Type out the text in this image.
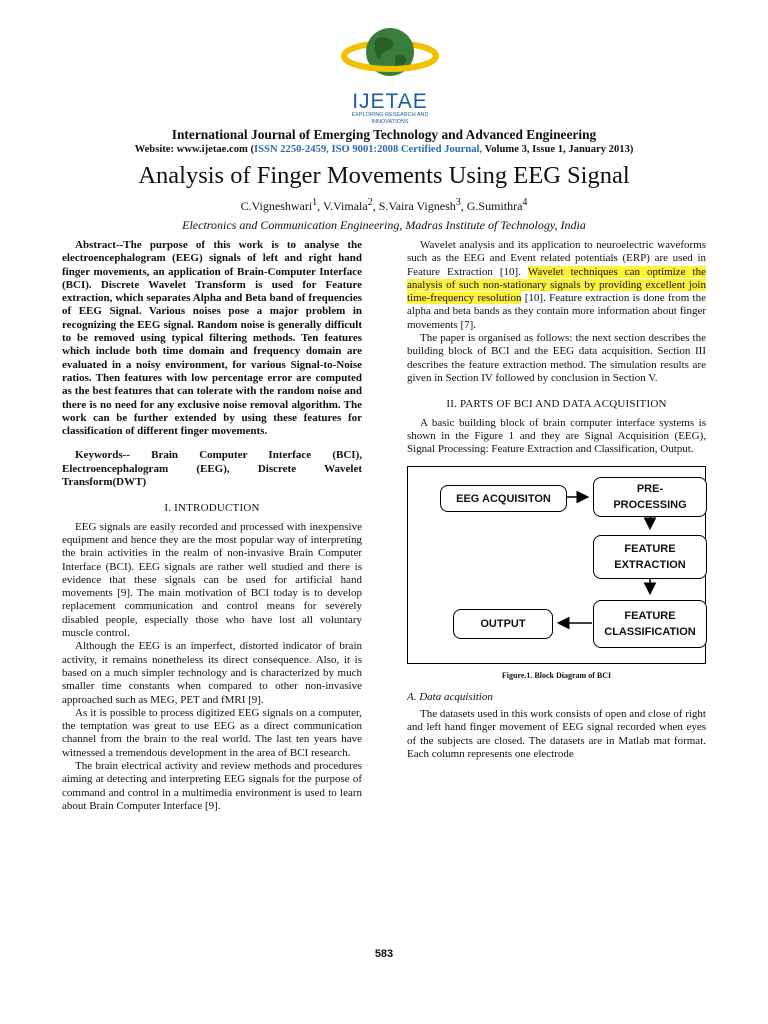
IJETAE
EXPLORING RESEARCH AND INNOVATIONS
International Journal of Emerging Technology and Advanced Engineering
Website: www.ijetae.com (ISSN 2250-2459, ISO 9001:2008 Certified Journal, Volume 3, Issue 1, January 2013)
Analysis of Finger Movements Using EEG Signal
C.Vigneshwari$^1$, V.Vimala$^2$, S.Vaira Vignesh$^3$, G.Sumithra$^4$
Electronics and Communication Engineering, Madras Institute of Technology, India

Abstract--The purpose of this work is to analyse the electroencephalogram (EEG) signals of left and right hand finger movements, an application of Brain-Computer Interface (BCI). Discrete Wavelet Transform is used for Feature extraction, which separates Alpha and Beta band of frequencies of EEG Signal. Various noises pose a major problem in recognizing the EEG signal. Random noise is generally difficult to be removed using typical filtering methods. Ten features which include both time domain and frequency domain are evaluated in a noisy environment, for various Signal-to-Noise ratios. Then features with low percentage error are computed as the best features that can tolerate with the random noise and there is no need for any exclusive noise removal algorithm. The work can be further extended by using these features for classification of different finger movements.

Keywords-- Brain Computer Interface (BCI), Electroencephalogram (EEG), Discrete Wavelet Transform(DWT)

I. INTRODUCTION

EEG signals are easily recorded and processed with inexpensive equipment and hence they are the most popular way of interpreting the brain activities in the realm of non-invasive Brain Computer Interface (BCI). EEG signals are rather well studied and there is evidence that these signals can be used for artificial hand movements [9]. The main motivation of BCI today is to develop replacement communication and control means for severely disabled people, especially those who have lost all voluntary muscle control.

Although the EEG is an imperfect, distorted indicator of brain activity, it remains nonetheless its direct consequence. Also, it is based on a much simpler technology and is characterized by much smaller time constants when compared to other non-invasive approached such as MEG, PET and fMRI [9].

As it is possible to process digitized EEG signals on a computer, the temptation was great to use EEG as a direct communication channel from the brain to the real world. The last ten years have witnessed a tremendous development in the area of BCI research.

The brain electrical activity and review methods and procedures aiming at detecting and interpreting EEG signals for the purpose of command and control in a multimedia environment is used to learn about Brain Computer Interface [9].

Wavelet analysis and its application to neuroelectric waveforms such as the EEG and Event related potentials (ERP) are used in Feature Extraction [10]. Wavelet techniques can optimize the analysis of such non-stationary signals by providing excellent join time-frequency resolution [10]. Feature extraction is done from the alpha and beta bands as they contain more information about finger movements [7].

The paper is organised as follows: the next section describes the building block of BCI and the EEG data acquisition. Section III describes the feature extraction method. The simulation results are given in Section IV followed by conclusion in Section V.

II. PARTS OF BCI AND DATA ACQUISITION

A basic building block of brain computer interface systems is shown in the Figure 1 and they are Signal Acquisition (EEG), Signal Processing: Feature Extraction and Classification, Output.

EEG ACQUISITON
PRE-
PROCESSING
FEATURE
EXTRACTION
FEATURE
CLASSIFICATION
OUTPUT
Figure.1. Block Diagram of BCI
A. Data acquisition

The datasets used in this work consists of open and close of right and left hand finger movement of EEG signal recorded when eyes of the subjects are closed. The datasets are in Matlab mat format. Each column represents one electrode

583
